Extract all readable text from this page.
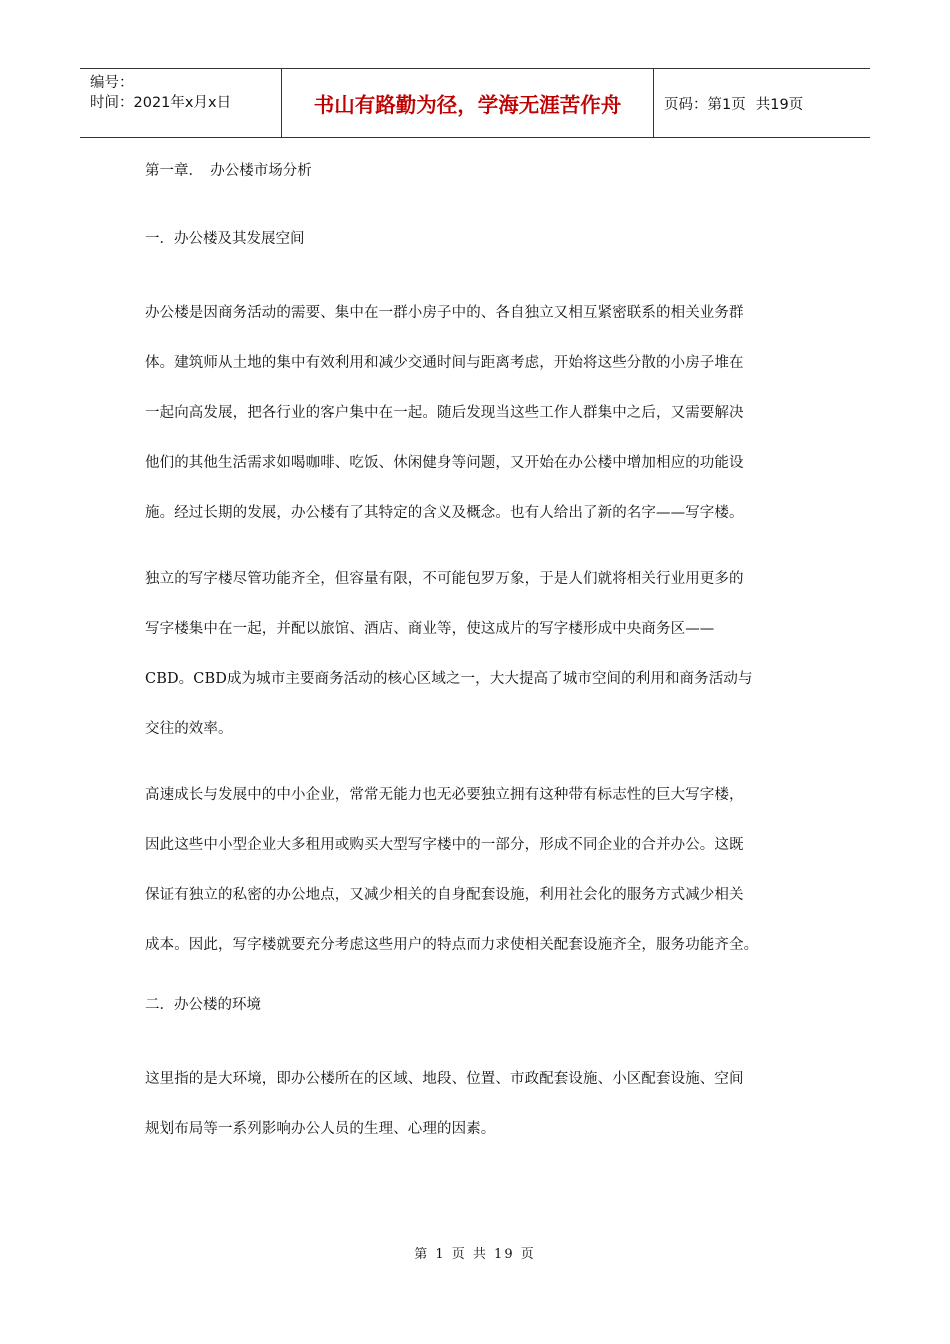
编号：
时间：2021年x月x日	书山有路勤为径，学海无涯苦作舟	页码：第1页 共19页
第一章．　办公楼市场分析
一．办公楼及其发展空间
办公楼是因商务活动的需要、集中在一群小房子中的、各自独立又相互紧密联系的相关业务群
体。建筑师从土地的集中有效利用和减少交通时间与距离考虑，开始将这些分散的小房子堆在
一起向高发展，把各行业的客户集中在一起。随后发现当这些工作人群集中之后，又需要解决
他们的其他生活需求如喝咖啡、吃饭、休闲健身等问题，又开始在办公楼中增加相应的功能设
施。经过长期的发展，办公楼有了其特定的含义及概念。也有人给出了新的名字——写字楼。
独立的写字楼尽管功能齐全，但容量有限，不可能包罗万象，于是人们就将相关行业用更多的
写字楼集中在一起，并配以旅馆、酒店、商业等，使这成片的写字楼形成中央商务区——
CBD。CBD成为城市主要商务活动的核心区域之一，大大提高了城市空间的利用和商务活动与
交往的效率。
高速成长与发展中的中小企业，常常无能力也无必要独立拥有这种带有标志性的巨大写字楼，
因此这些中小型企业大多租用或购买大型写字楼中的一部分，形成不同企业的合并办公。这既
保证有独立的私密的办公地点，又减少相关的自身配套设施，利用社会化的服务方式减少相关
成本。因此，写字楼就要充分考虑这些用户的特点而力求使相关配套设施齐全，服务功能齐全。
二．办公楼的环境
这里指的是大环境，即办公楼所在的区域、地段、位置、市政配套设施、小区配套设施、空间
规划布局等一系列影响办公人员的生理、心理的因素。
第 1 页 共 19 页
